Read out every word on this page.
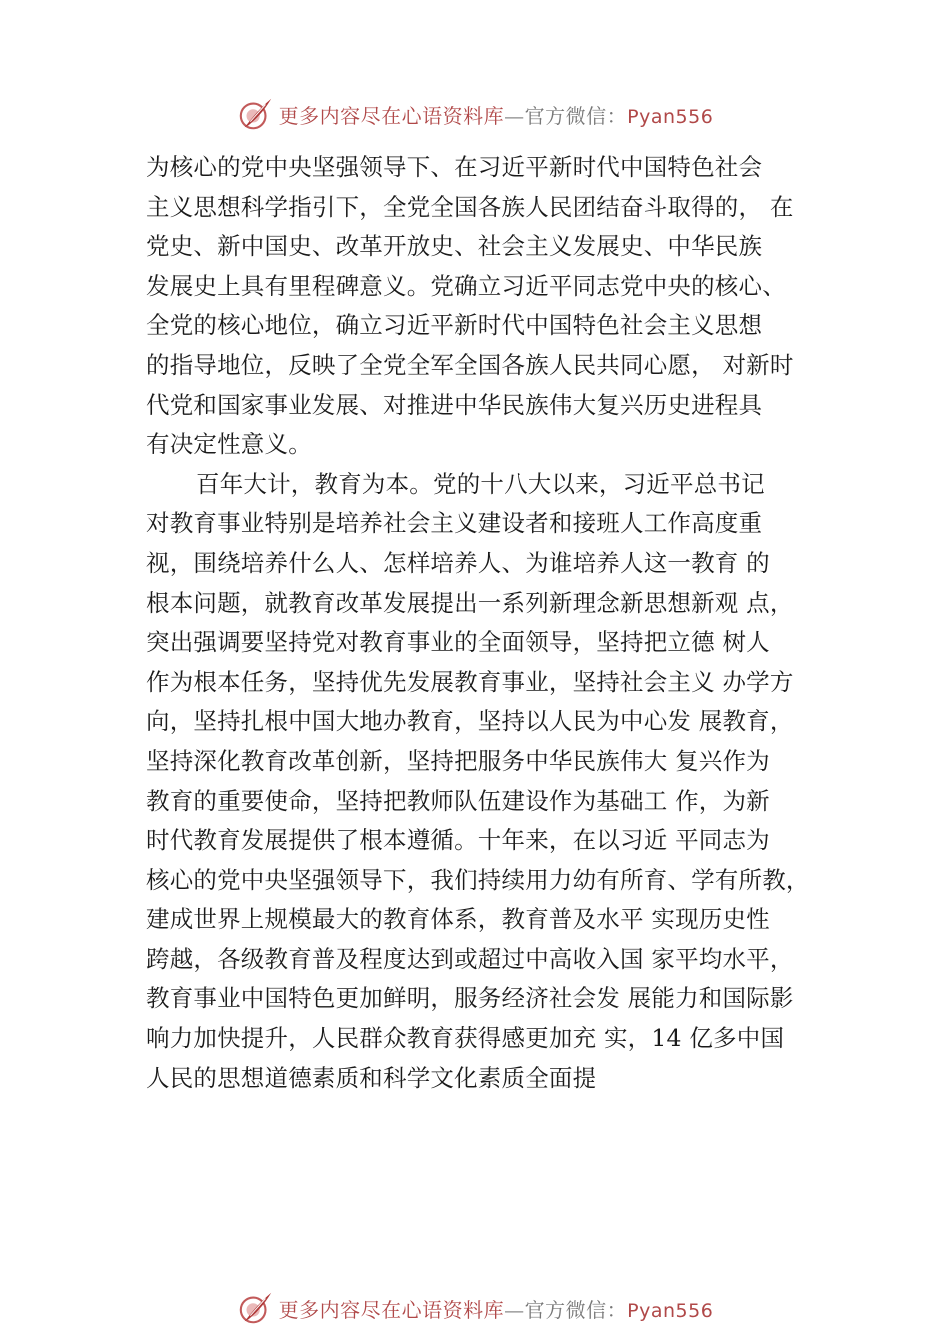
更多内容尽在心语资料库—官方微信：Pyan556
为核心的党中央坚强领导下、在习近平新时代中国特色社会
主义思想科学指引下，全党全国各族人民团结奋斗取得的， 在
党史、新中国史、改革开放史、社会主义发展史、中华民族
发展史上具有里程碑意义。党确立习近平同志党中央的核心、
全党的核心地位，确立习近平新时代中国特色社会主义思想
的指导地位，反映了全党全军全国各族人民共同心愿， 对新时
代党和国家事业发展、对推进中华民族伟大复兴历史进程具
有决定性意义。
百年大计，教育为本。党的十八大以来，习近平总书记
对教育事业特别是培养社会主义建设者和接班人工作高度重
视，围绕培养什么人、怎样培养人、为谁培养人这一教育 的
根本问题，就教育改革发展提出一系列新理念新思想新观 点，
突出强调要坚持党对教育事业的全面领导，坚持把立德 树人
作为根本任务，坚持优先发展教育事业，坚持社会主义 办学方
向，坚持扎根中国大地办教育，坚持以人民为中心发 展教育，
坚持深化教育改革创新，坚持把服务中华民族伟大 复兴作为
教育的重要使命，坚持把教师队伍建设作为基础工 作，为新
时代教育发展提供了根本遵循。十年来，在以习近 平同志为
核心的党中央坚强领导下，我们持续用力幼有所育、学有所教，
建成世界上规模最大的教育体系，教育普及水平 实现历史性
跨越，各级教育普及程度达到或超过中高收入国 家平均水平，
教育事业中国特色更加鲜明，服务经济社会发 展能力和国际影
响力加快提升，人民群众教育获得感更加充 实，14 亿多中国
人民的思想道德素质和科学文化素质全面提
更多内容尽在心语资料库—官方微信：Pyan556
